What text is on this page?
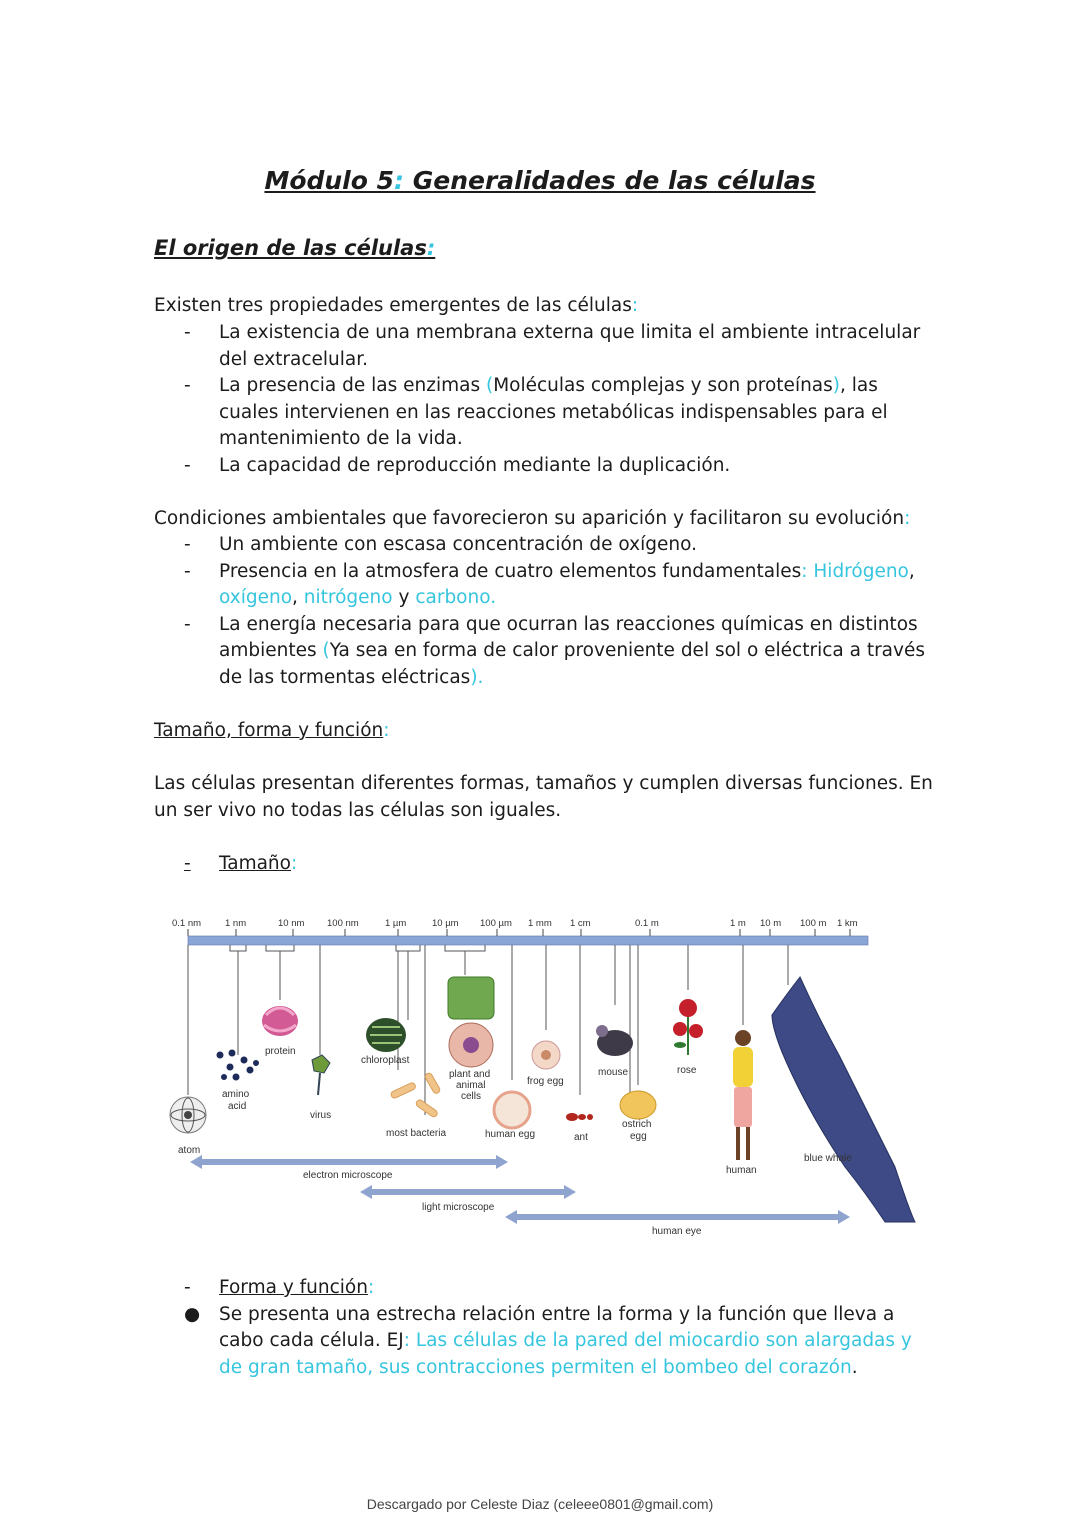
Módulo 5: Generalidades de las células
El origen de las células:
Existen tres propiedades emergentes de las células:
- La existencia de una membrana externa que limita el ambiente intracelular del extracelular.
- La presencia de las enzimas (Moléculas complejas y son proteínas), las cuales intervienen en las reacciones metabólicas indispensables para el mantenimiento de la vida.
- La capacidad de reproducción mediante la duplicación.
Condiciones ambientales que favorecieron su aparición y facilitaron su evolución:
- Un ambiente con escasa concentración de oxígeno.
- Presencia en la atmosfera de cuatro elementos fundamentales: Hidrógeno, oxígeno, nitrógeno y carbono.
- La energía necesaria para que ocurran las reacciones químicas en distintos ambientes (Ya sea en forma de calor proveniente del sol o eléctrica a través de las tormentas eléctricas).
Tamaño, forma y función:
Las células presentan diferentes formas, tamaños y cumplen diversas funciones. En un ser vivo no todas las células son iguales.
- Tamaño:
0.1 nm	1 nm	10 nm 100 nm	1 µm	10 µm 100 µm 1 mm 1 cm	0.1 m	1 m 10 m 100 m 1 km
atom
amino
acid
protein
virus
chloroplast
most bacteria
plant and
animal
cells
frog egg
human egg	ant
mouse
ostrich
egg
rose
human
blue whale
electron microscope
light microscope
human eye
- Forma y función:
● Se presenta una estrecha relación entre la forma y la función que lleva a cabo cada célula. EJ: Las células de la pared del miocardio son alargadas y de gran tamaño, sus contracciones permiten el bombeo del corazón.
Descargado por Celeste Diaz (celeee0801@gmail.com)
